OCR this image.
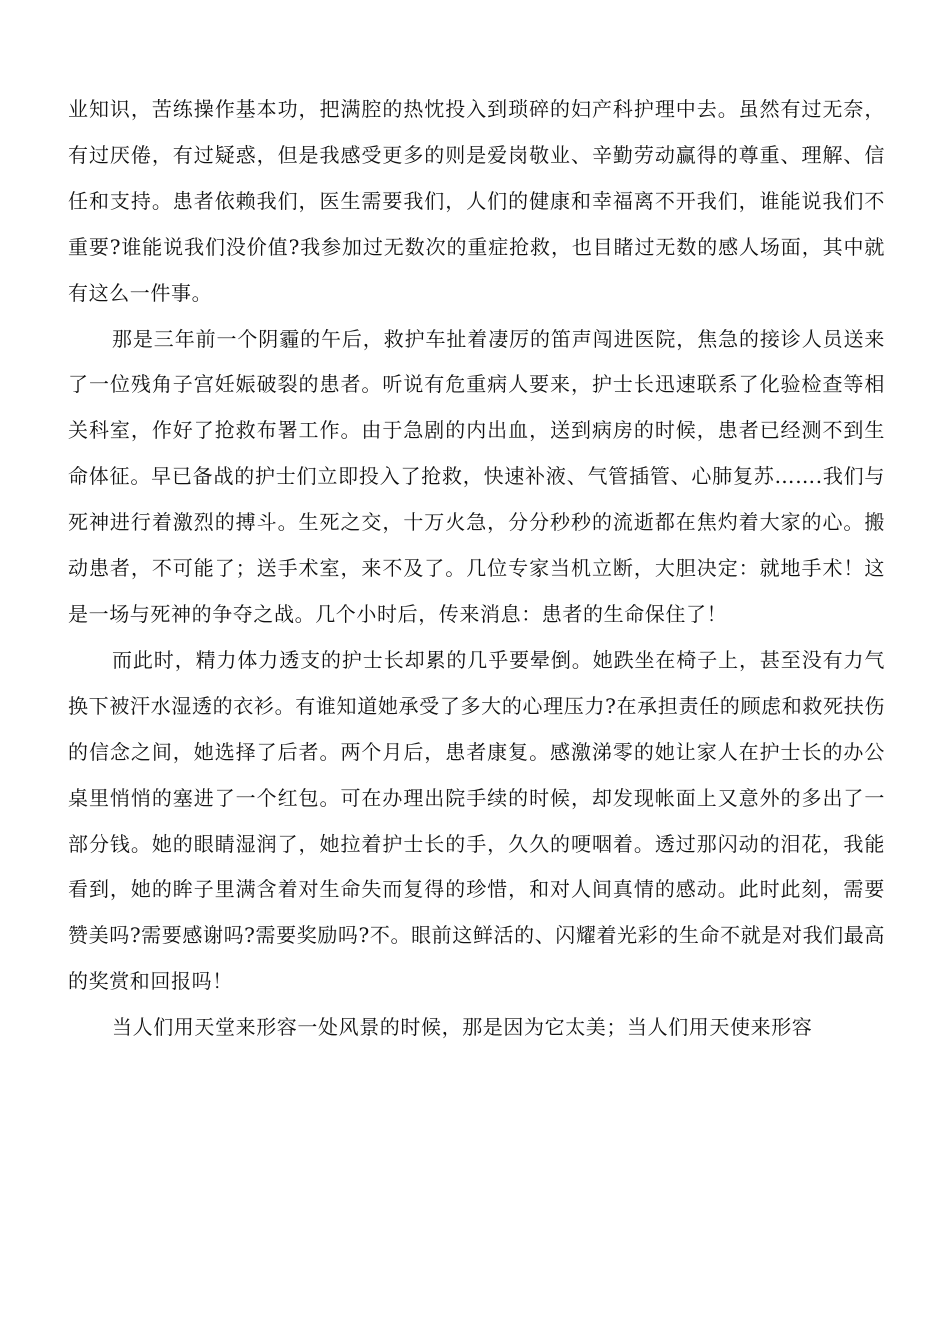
业知识，苦练操作基本功，把满腔的热忱投入到琐碎的妇产科护理中去。虽然有过无奈，有过厌倦，有过疑惑，但是我感受更多的则是爱岗敬业、辛勤劳动赢得的尊重、理解、信任和支持。患者依赖我们，医生需要我们，人们的健康和幸福离不开我们，谁能说我们不重要?谁能说我们没价值?我参加过无数次的重症抢救，也目睹过无数的感人场面，其中就有这么一件事。

那是三年前一个阴霾的午后，救护车扯着凄厉的笛声闯进医院，焦急的接诊人员送来了一位残角子宫妊娠破裂的患者。听说有危重病人要来，护士长迅速联系了化验检查等相关科室，作好了抢救布署工作。由于急剧的内出血，送到病房的时候，患者已经测不到生命体征。早已备战的护士们立即投入了抢救，快速补液、气管插管、心肺复苏…….我们与死神进行着激烈的搏斗。生死之交，十万火急，分分秒秒的流逝都在焦灼着大家的心。搬动患者，不可能了；送手术室，来不及了。几位专家当机立断，大胆决定：就地手术！这是一场与死神的争夺之战。几个小时后，传来消息：患者的生命保住了！

而此时，精力体力透支的护士长却累的几乎要晕倒。她跌坐在椅子上，甚至没有力气换下被汗水湿透的衣衫。有谁知道她承受了多大的心理压力?在承担责任的顾虑和救死扶伤的信念之间，她选择了后者。两个月后，患者康复。感激涕零的她让家人在护士长的办公桌里悄悄的塞进了一个红包。可在办理出院手续的时候，却发现帐面上又意外的多出了一部分钱。她的眼睛湿润了，她拉着护士长的手，久久的哽咽着。透过那闪动的泪花，我能看到，她的眸子里满含着对生命失而复得的珍惜，和对人间真情的感动。此时此刻，需要赞美吗?需要感谢吗?需要奖励吗?不。眼前这鲜活的、闪耀着光彩的生命不就是对我们最高的奖赏和回报吗！

当人们用天堂来形容一处风景的时候，那是因为它太美；当人们用天使来形容
